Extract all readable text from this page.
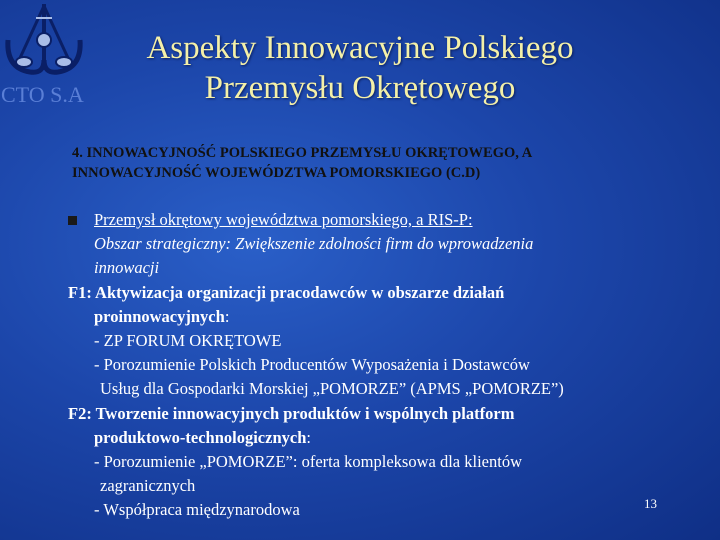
CTO S.A
Aspekty Innowacyjne Polskiego
Przemysłu Okrętowego
4. INNOWACYJNOŚĆ POLSKIEGO PRZEMYSŁU OKRĘTOWEGO, A
INNOWACYJNOŚĆ WOJEWÓDZTWA POMORSKIEGO (C.D)
Przemysł okrętowy województwa pomorskiego, a RIS-P:
Obszar strategiczny: Zwiększenie zdolności firm do wprowadzenia
innowacji
F1: Aktywizacja organizacji pracodawców w obszarze działań
proinnowacyjnych:
- ZP FORUM OKRĘTOWE
- Porozumienie Polskich Producentów Wyposażenia i Dostawców
Usług dla Gospodarki Morskiej „POMORZE” (APMS „POMORZE”)
F2: Tworzenie innowacyjnych produktów i wspólnych platform
produktowo-technologicznych:
- Porozumienie „POMORZE”: oferta kompleksowa dla klientów
zagranicznych
- Współpraca międzynarodowa	13
